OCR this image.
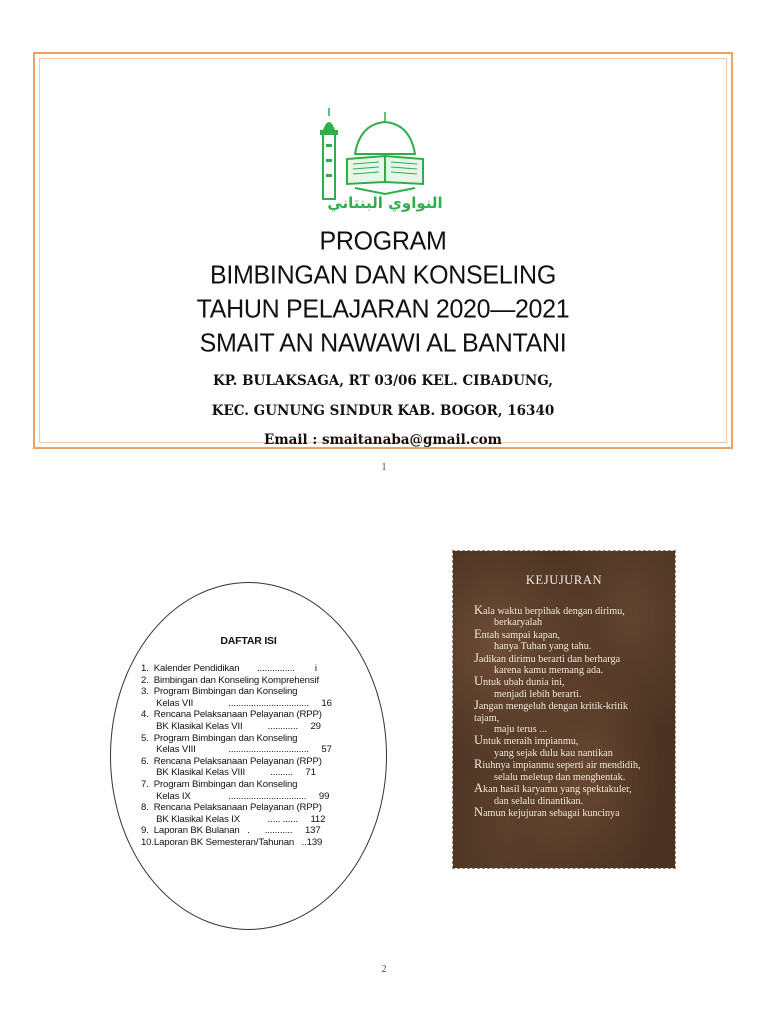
النواوي البنتاني
PROGRAM
BIMBINGAN DAN KONSELING
TAHUN PELAJARAN 2020—2021
SMAIT AN NAWAWI AL BANTANI
KP. BULAKSAGA, RT 03/06 KEL. CIBADUNG,
KEC. GUNUNG SINDUR KAB. BOGOR, 16340
Email : smaitanaba@gmail.com
1
DAFTAR ISI
1.  Kalender Pendidikan       ...............        i
2.  Bimbingan dan Konseling Komprehensif
3.  Program Bimbingan dan Konseling
Kelas VII              ................................     16
4.  Rencana Pelaksanaan Pelayanan (RPP)
BK Klasikal Kelas VII          ............     29
5.  Program Bimbingan dan Konseling
Kelas VIII             ................................     57
6.  Rencana Pelaksanaan Pelayanan (RPP)
BK Klasikal Kelas VIII          .........     71
7.  Program Bimbingan dan Konseling
Kelas IX               ...............................     99
8.  Rencana Pelaksanaan Pelayanan (RPP)
BK Klasikal Kelas IX           ..... ......     112
9.  Laporan BK Bulanan   .      ...........     137
10.Laporan BK Semesteran/Tahunan   ..139
KEJUJURAN
Kala waktu berpihak dengan dirimu,
berkaryalah
Entah sampai kapan,
hanya Tuhan yang tahu.
Jadikan dirimu berarti dan berharga
karena kamu memang ada.
Untuk ubah dunia ini,
menjadi lebih berarti.
Jangan mengeluh dengan kritik-kritik
tajam,
maju terus ...
Untuk meraih impianmu,
yang sejak dulu kau nantikan
Riuhnya impianmu seperti air mendidih,
selalu meletup dan menghentak.
Akan hasil karyamu yang spektakuler,
dan selalu dinantikan.
Namun kejujuran sebagai kuncinya
2
